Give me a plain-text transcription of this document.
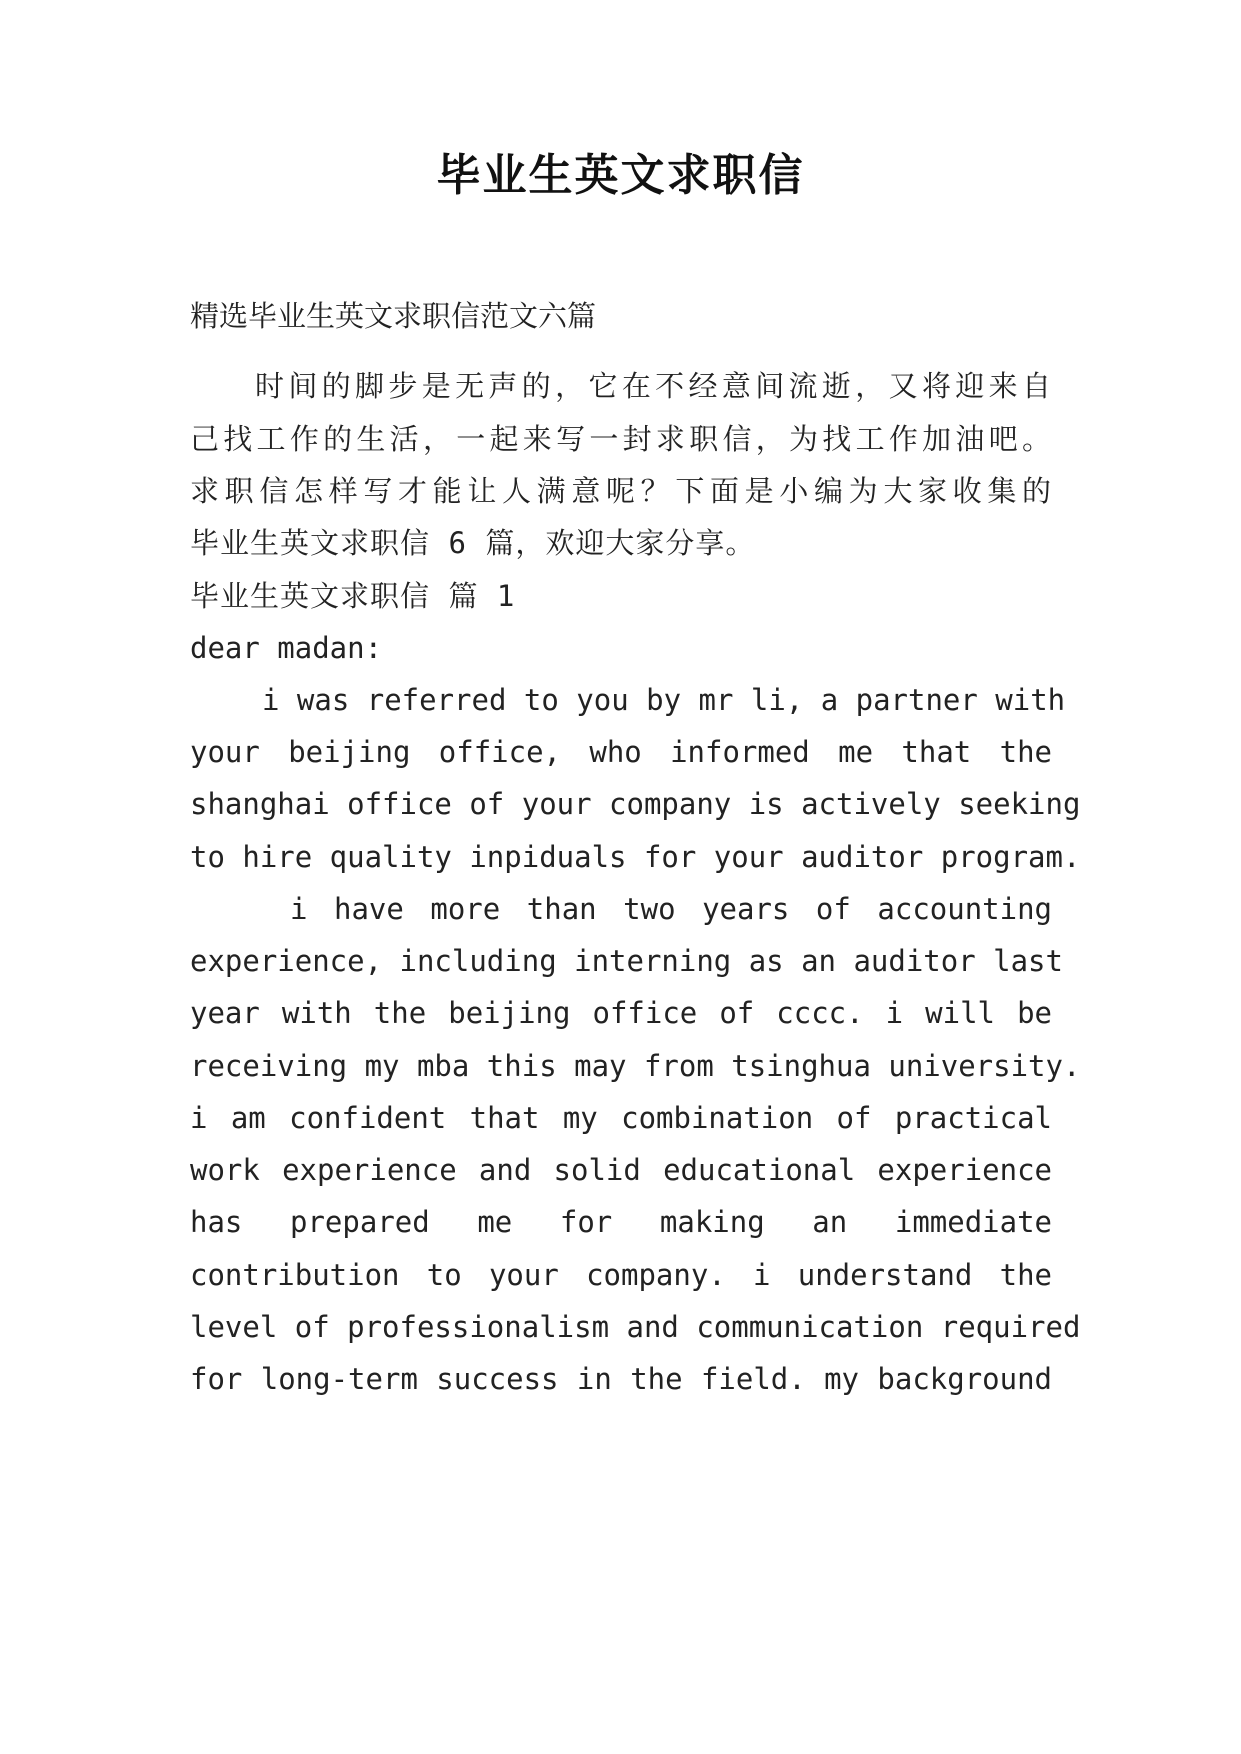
毕业生英文求职信
精选毕业生英文求职信范文六篇
时间的脚步是无声的，它在不经意间流逝，又将迎来自
己找工作的生活，一起来写一封求职信，为找工作加油吧。
求职信怎样写才能让人满意呢？下面是小编为大家收集的
毕业生英文求职信 6 篇，欢迎大家分享。
毕业生英文求职信 篇 1
dear madan:
i was referred to you by mr li, a partner with
your beijing office, who informed me that the
shanghai office of your company is actively seeking
to hire quality inpiduals for your auditor program.
i have more than two years of accounting
experience, including interning as an auditor last
year with the beijing office of cccc. i will be
receiving my mba this may from tsinghua university.
i am confident that my combination of practical
work experience and solid educational experience
has prepared me for making an immediate
contribution to your company. i understand the
level of professionalism and communication required
for long-term success in the field. my background
